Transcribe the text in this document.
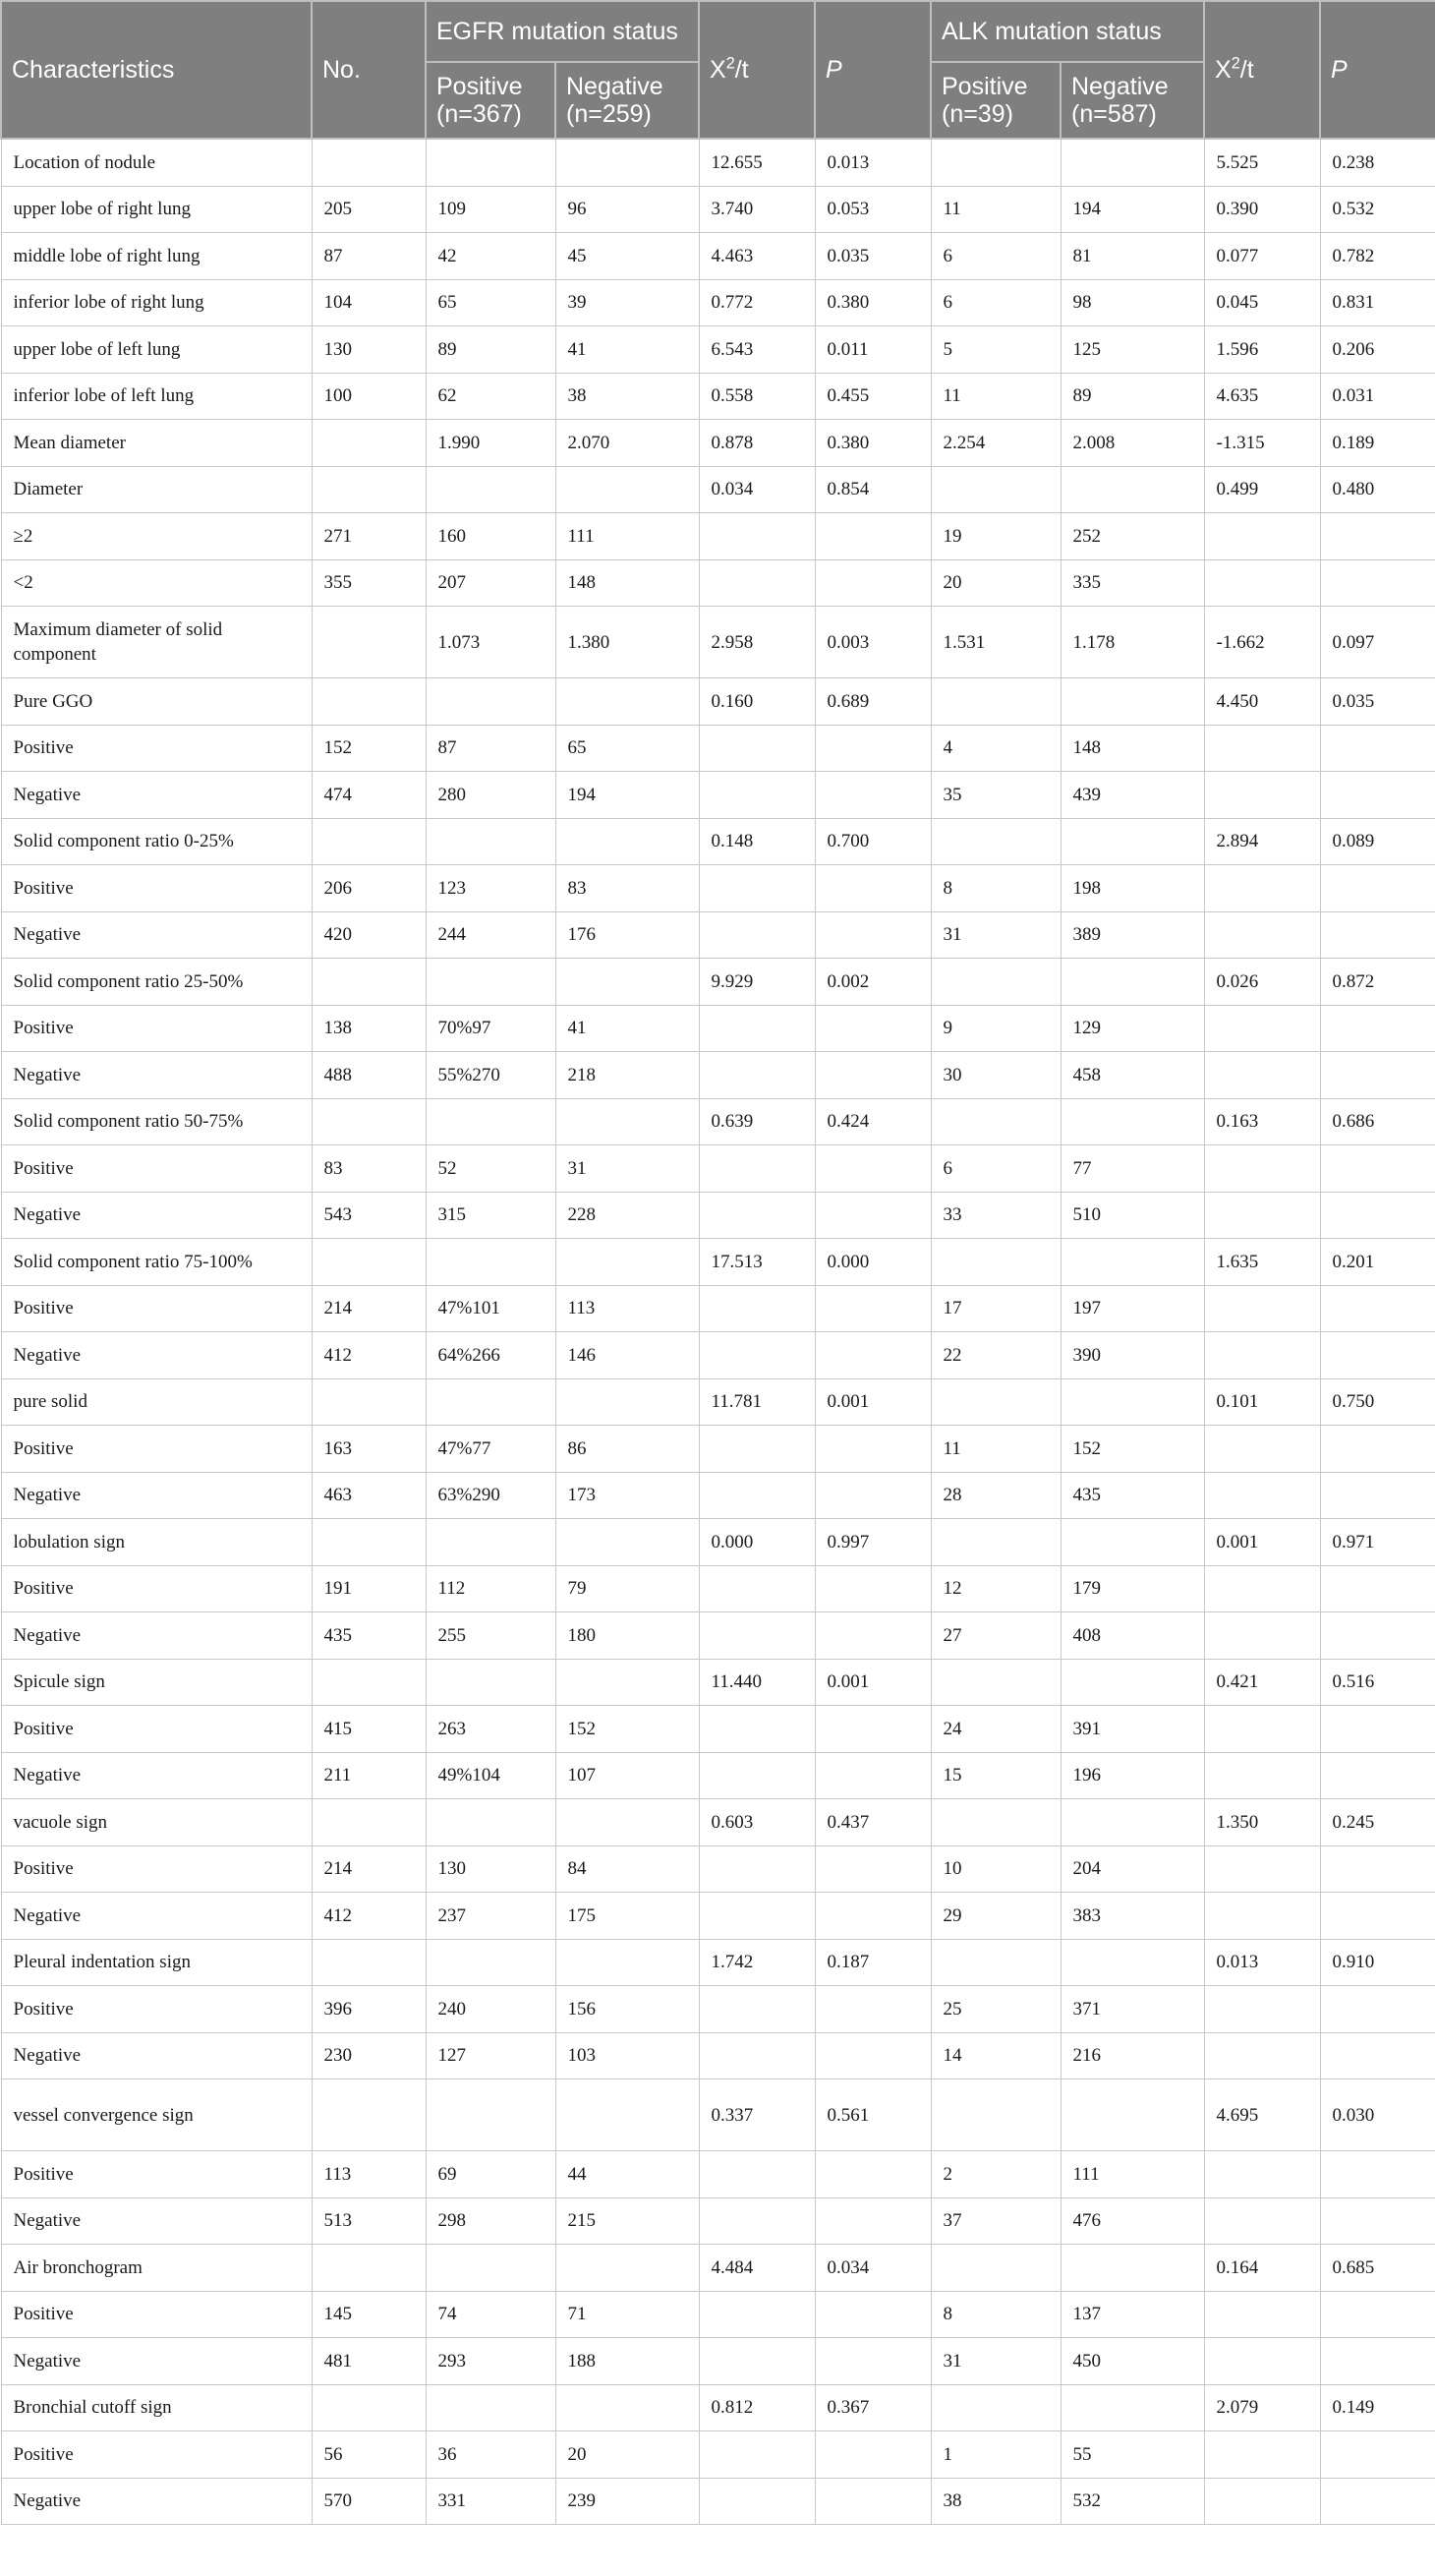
Characteristics	No.	EGFR mutation status		$X^2/t$	P	ALK mutation status		$X^2/t$	P
		Positive (n=367)	Negative (n=259)			Positive (n=39)	Negative (n=587)		
Location of nodule				12.655	0.013			5.525	0.238
upper lobe of right lung	205	109	96	3.740	0.053	11	194	0.390	0.532
middle lobe of right lung	87	42	45	4.463	0.035	6	81	0.077	0.782
inferior lobe of right lung	104	65	39	0.772	0.380	6	98	0.045	0.831
upper lobe of left lung	130	89	41	6.543	0.011	5	125	1.596	0.206
inferior lobe of left lung	100	62	38	0.558	0.455	11	89	4.635	0.031
Mean diameter		1.990	2.070	0.878	0.380	2.254	2.008	-1.315	0.189
Diameter				0.034	0.854			0.499	0.480
≥2	271	160	111			19	252		
<2	355	207	148			20	335		
Maximum diameter of solid component		1.073	1.380	2.958	0.003	1.531	1.178	-1.662	0.097
Pure GGO				0.160	0.689			4.450	0.035
Positive	152	87	65			4	148		
Negative	474	280	194			35	439		
Solid component ratio 0-25%				0.148	0.700			2.894	0.089
Positive	206	123	83			8	198		
Negative	420	244	176			31	389		
Solid component ratio 25-50%				9.929	0.002			0.026	0.872
Positive	138	70%97	41			9	129		
Negative	488	55%270	218			30	458		
Solid component ratio 50-75%				0.639	0.424			0.163	0.686
Positive	83	52	31			6	77		
Negative	543	315	228			33	510		
Solid component ratio 75-100%				17.513	0.000			1.635	0.201
Positive	214	47%101	113			17	197		
Negative	412	64%266	146			22	390		
pure solid				11.781	0.001			0.101	0.750
Positive	163	47%77	86			11	152		
Negative	463	63%290	173			28	435		
lobulation sign				0.000	0.997			0.001	0.971
Positive	191	112	79			12	179		
Negative	435	255	180			27	408		
Spicule sign				11.440	0.001			0.421	0.516
Positive	415	263	152			24	391		
Negative	211	49%104	107			15	196		
vacuole sign				0.603	0.437			1.350	0.245
Positive	214	130	84			10	204		
Negative	412	237	175			29	383		
Pleural indentation sign				1.742	0.187			0.013	0.910
Positive	396	240	156			25	371		
Negative	230	127	103			14	216		
vessel convergence sign				0.337	0.561			4.695	0.030
Positive	113	69	44			2	111		
Negative	513	298	215			37	476		
Air bronchogram				4.484	0.034			0.164	0.685
Positive	145	74	71			8	137		
Negative	481	293	188			31	450		
Bronchial cutoff sign				0.812	0.367			2.079	0.149
Positive	56	36	20			1	55		
Negative	570	331	239			38	532		
